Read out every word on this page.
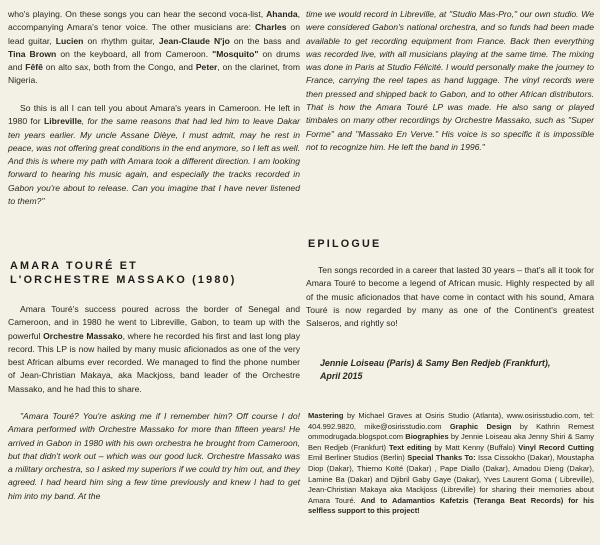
who's playing. On these songs you can hear the second voca-list, Ahanda, accompanying Amara's tenor voice. The other musicians are: Charles on lead guitar, Lucien on rhythm guitar, Jean-Claude N'jo on the bass and Tina Brown on the keyboard, all from Cameroon. "Mosquito" on drums and Fêfê on alto sax, both from the Congo, and Peter, on the clarinet, from Nigeria.

So this is all I can tell you about Amara's years in Cameroon. He left in 1980 for Libreville, for the same reasons that had led him to leave Dakar ten years earlier. My uncle Assane Dièye, I must admit, may he rest in peace, was not offering great conditions in the end anymore, so I left as well. And this is where my path with Amara took a different direction. I am looking forward to hearing his music again, and especially the tracks recorded in Gabon you're about to release. Can you imagine that I have never listened to them?"

AMARA TOURÉ ET
L'ORCHESTRE MASSAKO (1980)

Amara Touré's success poured across the border of Senegal and Cameroon, and in 1980 he went to Libreville, Gabon, to team up with the powerful Orchestre Massako, where he recorded his first and last long play record. This LP is now hailed by many music aficionados as one of the very best African albums ever recorded. We managed to find the phone number of Jean-Christian Makaya, aka Mackjoss, band leader of the Orchestre Massako, and he had this to share.

"Amara Touré? You're asking me if I remember him? Off course I do! Amara performed with Orchestre Massako for more than fifteen years! He arrived in Gabon in 1980 with his own orchestra he brought from Cameroon, but that didn't work out – which was our good luck. Orchestre Massako was a military orchestra, so I asked my superiors if we could try him out, and they agreed. I had heard him sing a few time previously and knew I had to get him into my band. At the

time we would record in Libreville, at "Studio Mas-Pro," our own studio. We were considered Gabon's national orchestra, and so funds had been made available to get recording equipment from France. Back then everything was recorded live, with all musicians playing at the same time. The mixing was done in Paris at Studio Félicité. I would personally make the journey to France, carrying the reel tapes as hand luggage. The vinyl records were then pressed and shipped back to Gabon, and to other African distributors. That is how the Amara Touré LP was made. He also sang or played timbales on many other recordings by Orchestre Massako, such as "Super Forme" and "Massako En Verve." His voice is so specific it is impossible not to recognize him. He left the band in 1996."

EPILOGUE

Ten songs recorded in a career that lasted 30 years – that's all it took for Amara Touré to become a legend of African music. Highly respected by all of the music aficionados that have come in contact with his sound, Amara Touré is now regarded by many as one of the Continent's greatest Salseros, and rightly so!

Jennie Loiseau (Paris) & Samy Ben Redjeb (Frankfurt),
April 2015

Mastering by Michael Graves at Osiris Studio (Atlanta), www.osirisstudio.com, tel: 404.992.9820, mike@osirisstudio.com Graphic Design by Kathrin Remest ommodrugada.blogspot.com Biographies by Jennie Loiseau aka Jenny Shiri & Samy Ben Redjeb (Frankfurt) Text editing by Matt Kenny (Buffalo) Vinyl Record Cutting Emil Berliner Studios (Berlin) Special Thanks To: Issa Cissokho (Dakar), Moustapha Diop (Dakar), Thierno Koïté (Dakar) , Pape Diallo (Dakar), Amadou Dieng (Dakar), Lamine Ba (Dakar) and Djibril Gaby Gaye (Dakar), Yves Laurent Goma ( Libreville), Jean-Christian Makaya aka Mackjoss (Libreville) for sharing their memories about Amara Touré. And to Adamantios Kafetzis (Teranga Beat Records) for his selfless support to this project!
